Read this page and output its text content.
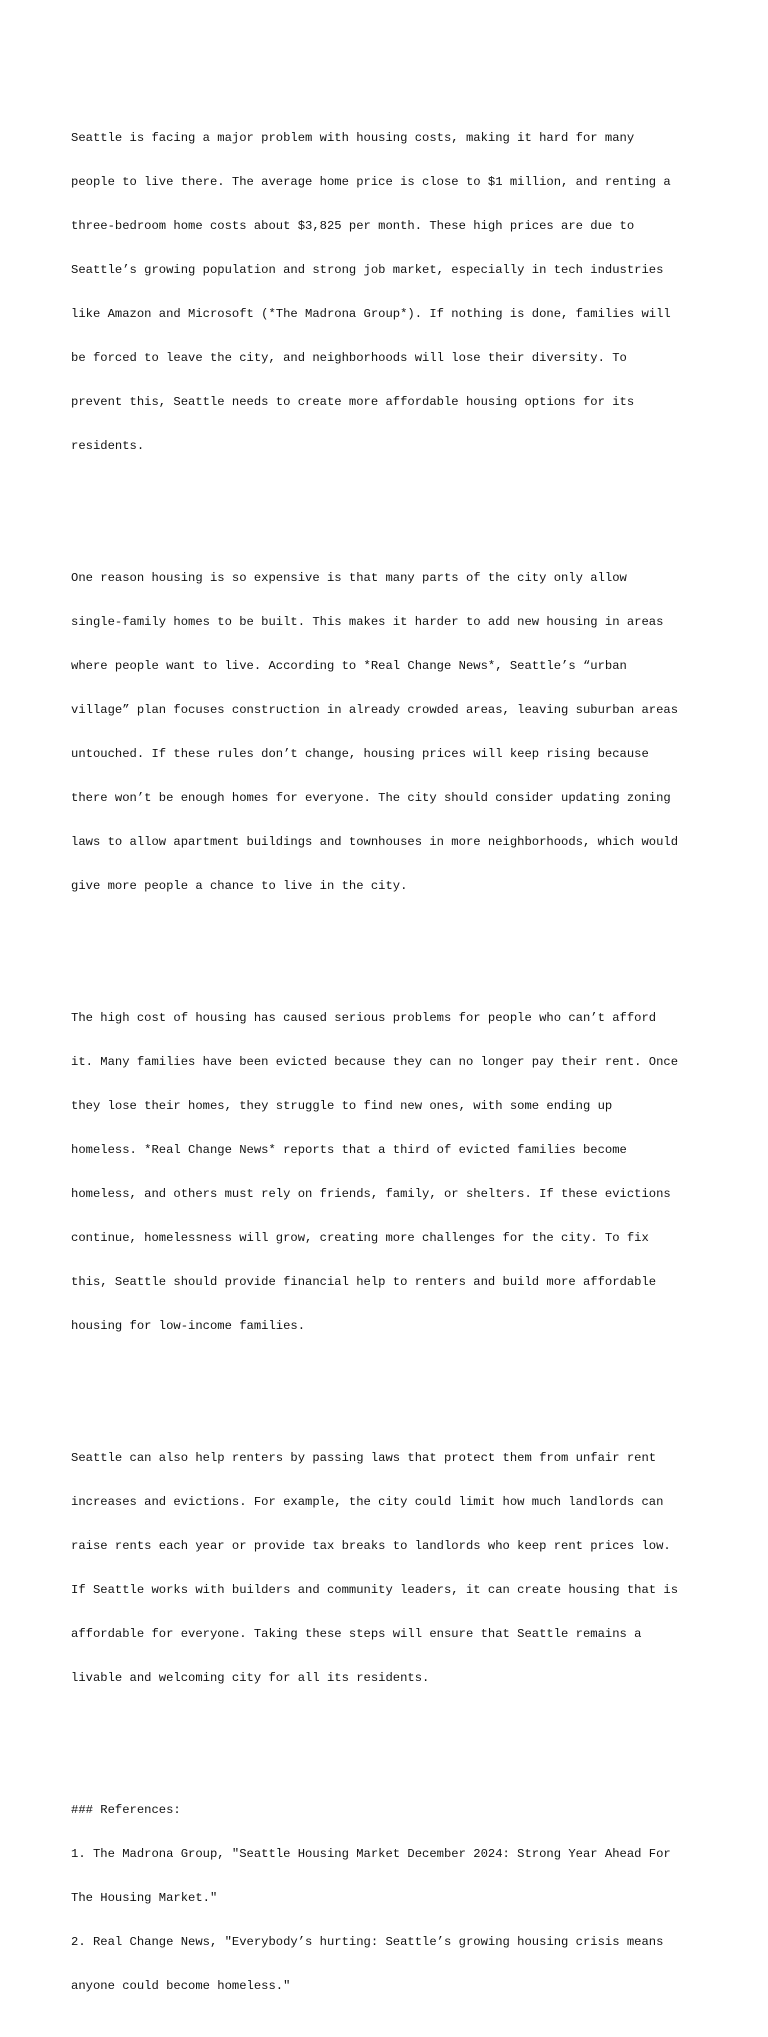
Seattle is facing a major problem with housing costs, making it hard for many

people to live there. The average home price is close to $1 million, and renting a

three-bedroom home costs about $3,825 per month. These high prices are due to

Seattle’s growing population and strong job market, especially in tech industries

like Amazon and Microsoft (*The Madrona Group*). If nothing is done, families will

be forced to leave the city, and neighborhoods will lose their diversity. To

prevent this, Seattle needs to create more affordable housing options for its

residents.

One reason housing is so expensive is that many parts of the city only allow

single-family homes to be built. This makes it harder to add new housing in areas

where people want to live. According to *Real Change News*, Seattle’s “urban

village” plan focuses construction in already crowded areas, leaving suburban areas

untouched. If these rules don’t change, housing prices will keep rising because

there won’t be enough homes for everyone. The city should consider updating zoning

laws to allow apartment buildings and townhouses in more neighborhoods, which would

give more people a chance to live in the city.

The high cost of housing has caused serious problems for people who can’t afford

it. Many families have been evicted because they can no longer pay their rent. Once

they lose their homes, they struggle to find new ones, with some ending up

homeless. *Real Change News* reports that a third of evicted families become

homeless, and others must rely on friends, family, or shelters. If these evictions

continue, homelessness will grow, creating more challenges for the city. To fix

this, Seattle should provide financial help to renters and build more affordable

housing for low-income families.

Seattle can also help renters by passing laws that protect them from unfair rent

increases and evictions. For example, the city could limit how much landlords can

raise rents each year or provide tax breaks to landlords who keep rent prices low.

If Seattle works with builders and community leaders, it can create housing that is

affordable for everyone. Taking these steps will ensure that Seattle remains a

livable and welcoming city for all its residents.

### References:

1. The Madrona Group, "Seattle Housing Market December 2024: Strong Year Ahead For

The Housing Market."

2. Real Change News, "Everybody’s hurting: Seattle’s growing housing crisis means

anyone could become homeless."
